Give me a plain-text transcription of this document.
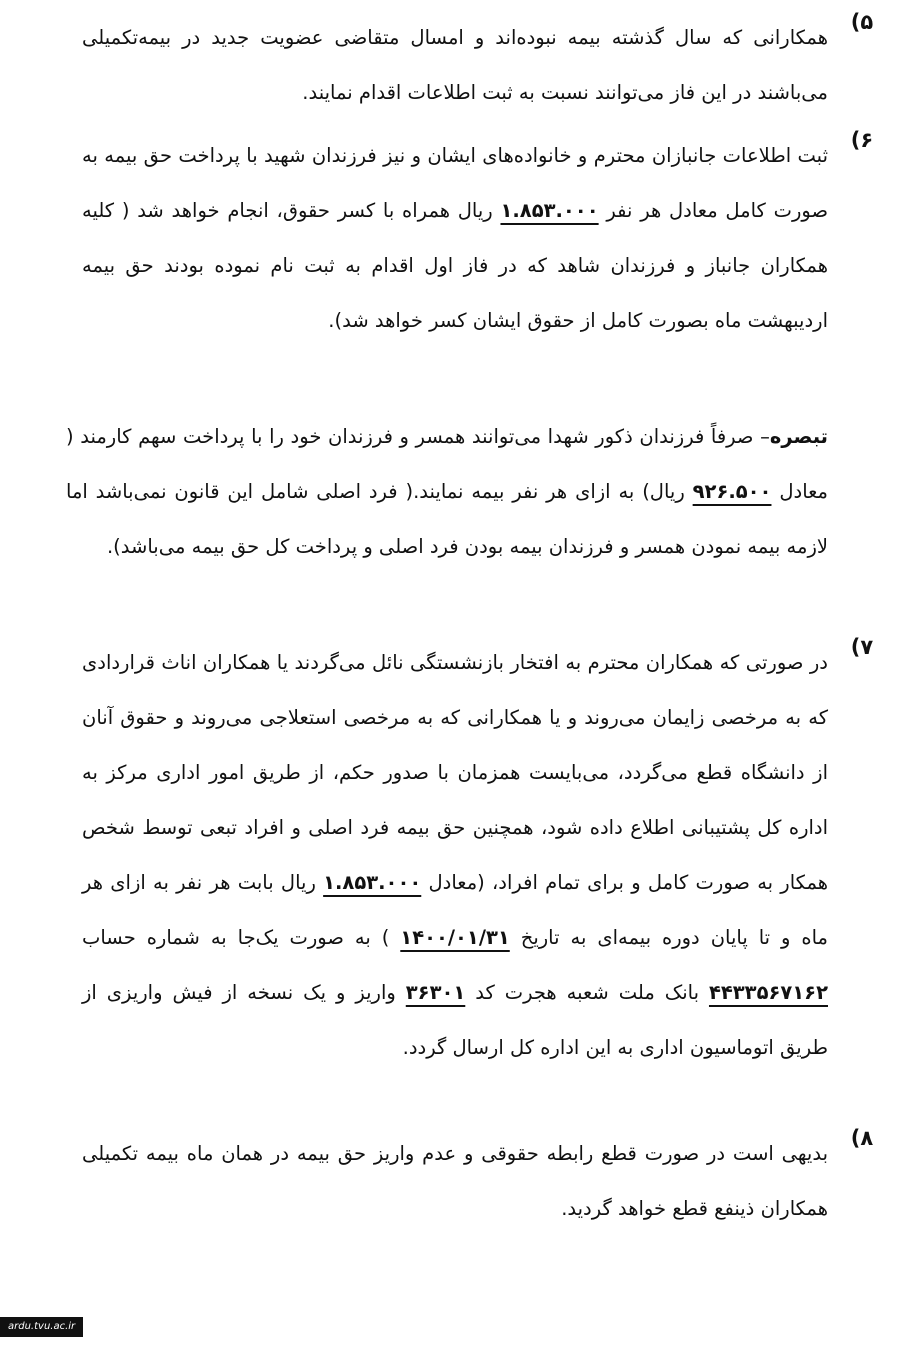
۵)
همکارانی که سال گذشته بیمه نبوده‌اند و امسال متقاضی عضویت جدید در بیمه‌تکمیلی می‌باشند در این فاز می‌توانند نسبت به ثبت اطلاعات اقدام نمایند.
۶)
ثبت اطلاعات جانبازان محترم و خانواده‌های ایشان و نیز فرزندان شهید با پرداخت حق بیمه به صورت کامل معادل هر نفر ۱.۸۵۳.۰۰۰ ریال همراه با کسر حقوق، انجام خواهد شد ( کلیه همکاران جانباز و فرزندان شاهد که در فاز اول اقدام به ثبت نام نموده بودند حق بیمه اردیبهشت ماه بصورت کامل از حقوق ایشان کسر خواهد شد).
تبصره– صرفاً فرزندان ذکور شهدا می‌توانند همسر و فرزندان خود را با پرداخت سهم کارمند ( معادل ۹۲۶.۵۰۰ ریال) به ازای هر نفر بیمه نمایند.( فرد اصلی شامل این قانون نمی‌باشد اما لازمه بیمه نمودن همسر و فرزندان بیمه بودن فرد اصلی و پرداخت کل حق بیمه می‌باشد).
۷)
در صورتی که همکاران محترم به افتخار بازنشستگی نائل می‌گردند یا همکاران اناث قراردادی که به مرخصی زایمان می‌روند و یا همکارانی که به مرخصی استعلاجی می‌روند و حقوق آنان از دانشگاه قطع می‌گردد، می‌بایست همزمان با صدور حکم، از طریق امور اداری مرکز به اداره کل پشتیبانی اطلاع داده شود، همچنین حق بیمه فرد اصلی و افراد تبعی توسط شخص همکار به صورت کامل و برای تمام افراد، (معادل ۱.۸۵۳.۰۰۰ ریال بابت هر نفر به ازای هر ماه و تا پایان دوره بیمه‌ای به تاریخ ۱۴۰۰/۰۱/۳۱ ) به صورت یک‌جا به شماره حساب ۴۴۳۳۵۶۷۱۶۲ بانک ملت شعبه هجرت کد ۳۶۳۰۱ واریز و یک نسخه از فیش واریزی از طریق اتوماسیون اداری به این اداره کل ارسال گردد.
۸)
بدیهی است در صورت قطع رابطه حقوقی و عدم واریز حق بیمه در همان ماه بیمه تکمیلی همکاران ذینفع قطع خواهد گردید.
ardu.tvu.ac.ir
